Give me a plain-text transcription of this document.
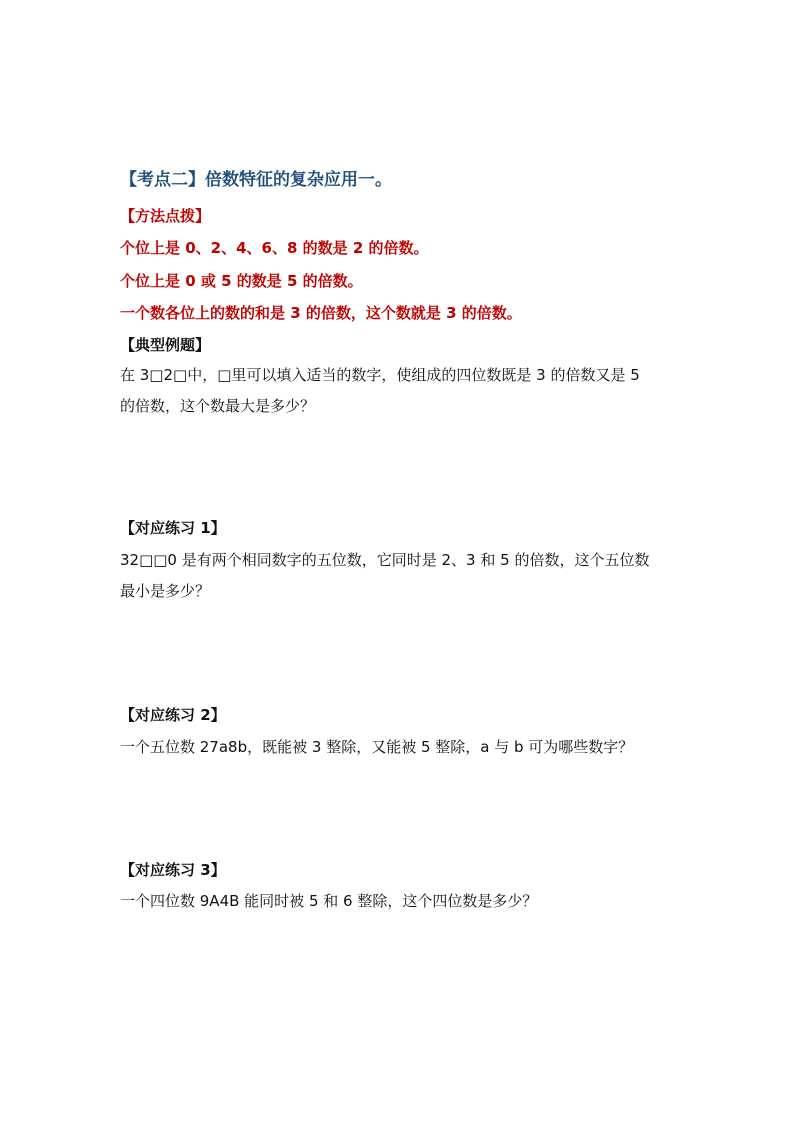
【考点二】倍数特征的复杂应用一。
【方法点拨】
个位上是 0、2、4、6、8 的数是 2 的倍数。
个位上是 0 或 5 的数是 5 的倍数。
一个数各位上的数的和是 3 的倍数，这个数就是 3 的倍数。
【典型例题】
在 3□2□中，□里可以填入适当的数字，使组成的四位数既是 3 的倍数又是 5
的倍数，这个数最大是多少？
【对应练习 1】
32□□0 是有两个相同数字的五位数，它同时是 2、3 和 5 的倍数，这个五位数
最小是多少？
【对应练习 2】
一个五位数 27a8b，既能被 3 整除，又能被 5 整除，a 与 b 可为哪些数字？
【对应练习 3】
一个四位数 9A4B 能同时被 5 和 6 整除，这个四位数是多少？
